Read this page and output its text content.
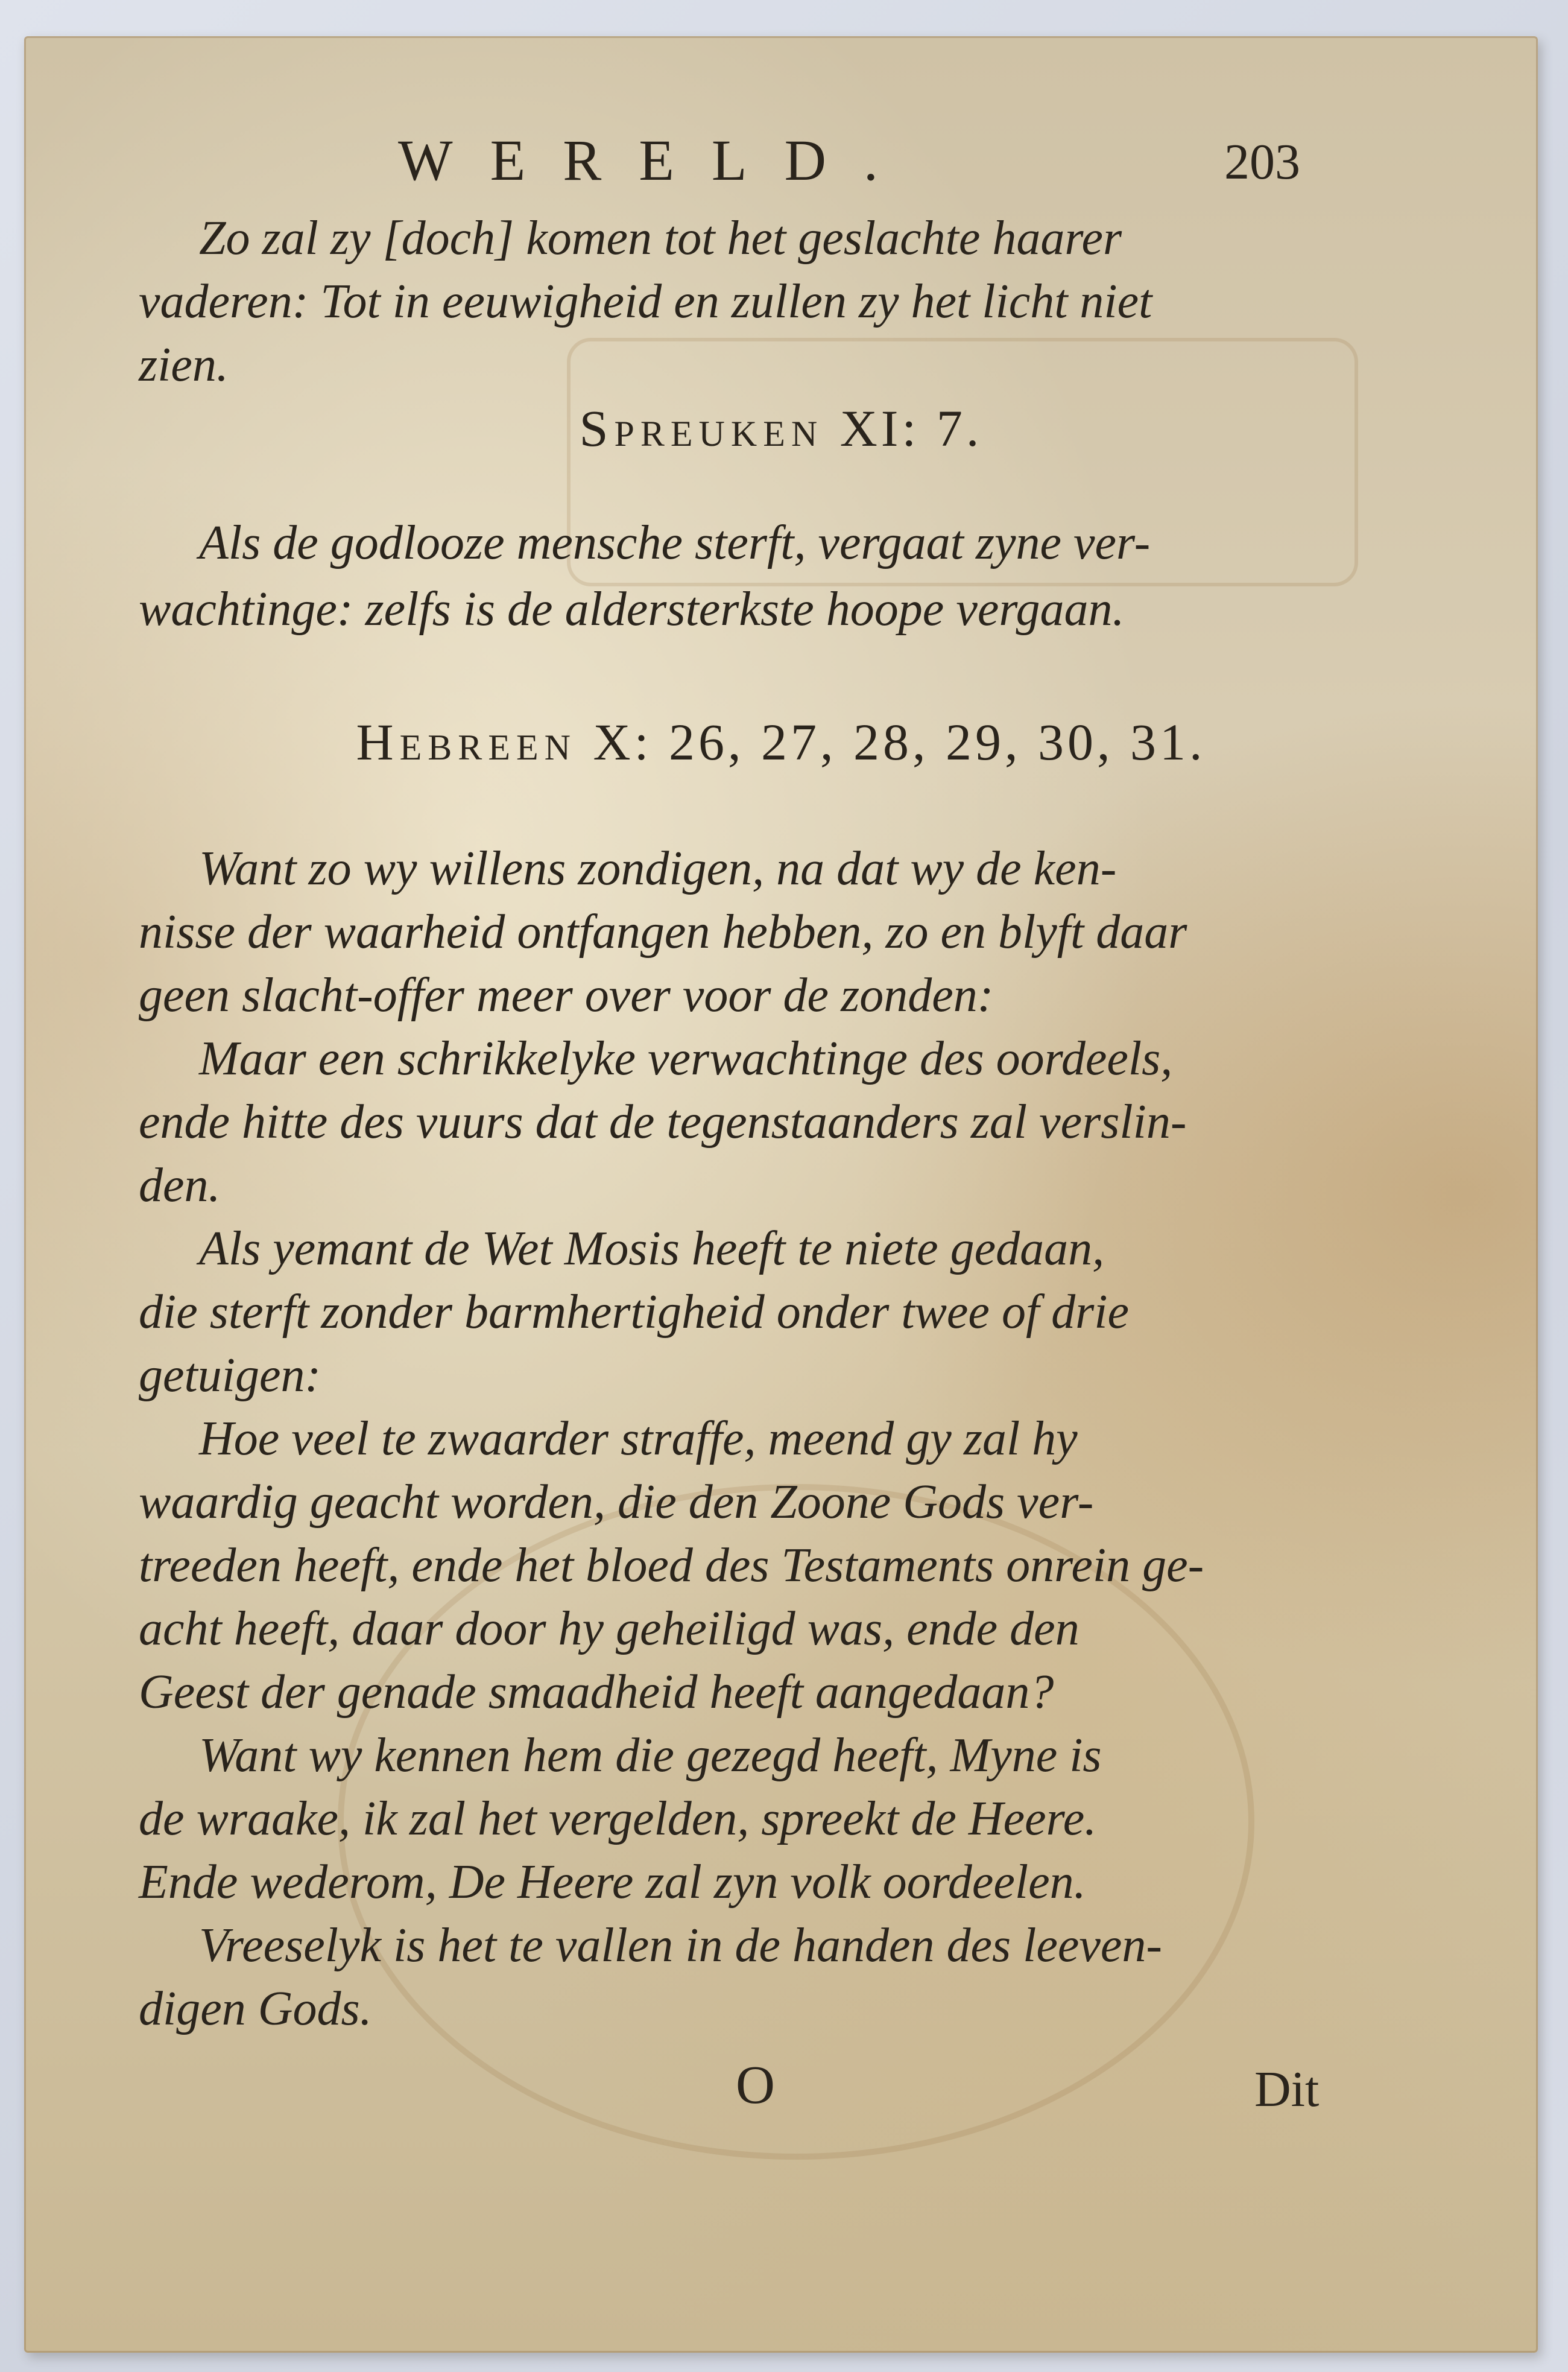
WERELD.	203
Zo zal zy [doch] komen tot het geslachte haarer
vaderen: Tot in eeuwigheid en zullen zy het licht niet
zien.
Spreuken XI: 7.
Als de godlooze mensche sterft, vergaat zyne ver-
wachtinge: zelfs is de aldersterkste hoope vergaan.
Hebreen X: 26, 27, 28, 29, 30, 31.
Want zo wy willens zondigen, na dat wy de ken-
nisse der waarheid ontfangen hebben, zo en blyft daar
geen slacht-offer meer over voor de zonden:
Maar een schrikkelyke verwachtinge des oordeels,
ende hitte des vuurs dat de tegenstaanders zal verslin-
den.
Als yemant de Wet Mosis heeft te niete gedaan,
die sterft zonder barmhertigheid onder twee of drie
getuigen:
Hoe veel te zwaarder straffe, meend gy zal hy
waardig geacht worden, die den Zoone Gods ver-
treeden heeft, ende het bloed des Testaments onrein ge-
acht heeft, daar door hy geheiligd was, ende den
Geest der genade smaadheid heeft aangedaan?
Want wy kennen hem die gezegd heeft, Myne is
de wraake, ik zal het vergelden, spreekt de Heere.
Ende wederom, De Heere zal zyn volk oordeelen.
Vreeselyk is het te vallen in de handen des leeven-
digen Gods.
O	Dit
